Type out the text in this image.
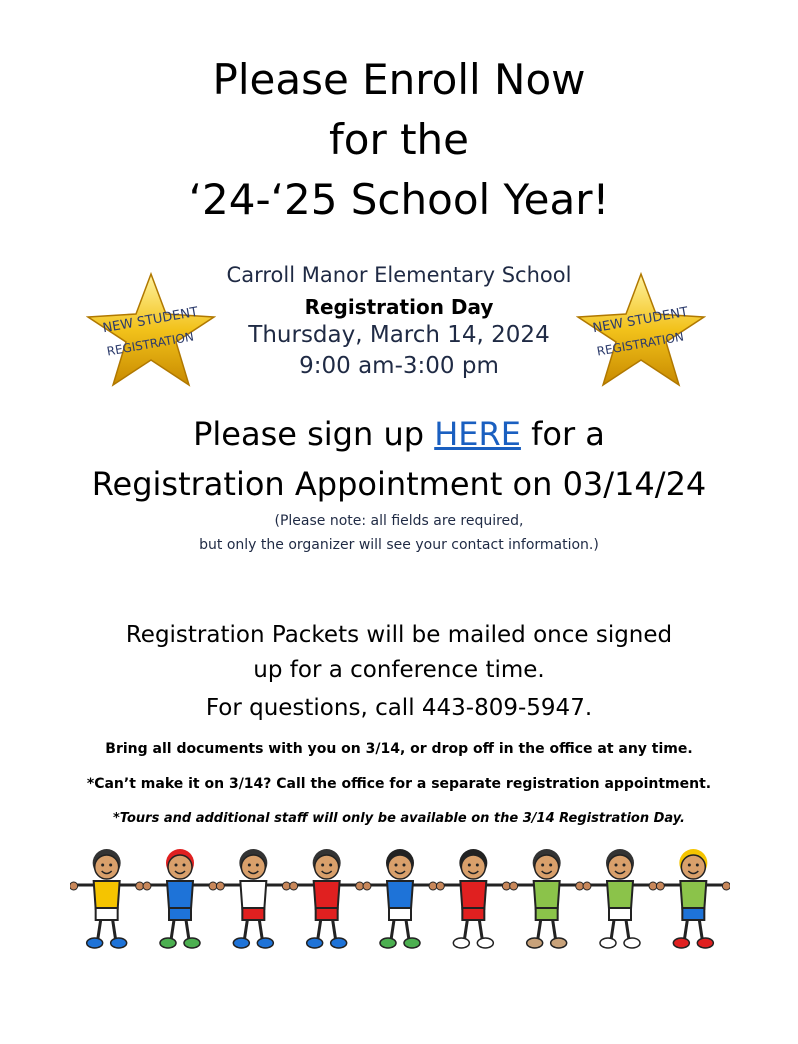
Please Enroll Now
for the
‘24-‘25 School Year!
NEW STUDENT
REGISTRATION
NEW STUDENT
REGISTRATION
Carroll Manor Elementary School
Registration Day
Thursday, March 14, 2024
9:00 am-3:00 pm
Please sign up HERE for a
Registration Appointment on 03/14/24
(Please note: all fields are required,
but only the organizer will see your contact information.)
Registration Packets will be mailed once signed
up for a conference time.
For questions, call 443-809-5947.
Bring all documents with you on 3/14, or drop off in the office at any time.
*Can’t make it on 3/14? Call the office for a separate registration appointment.
*Tours and additional staff will only be available on the 3/14 Registration Day.
